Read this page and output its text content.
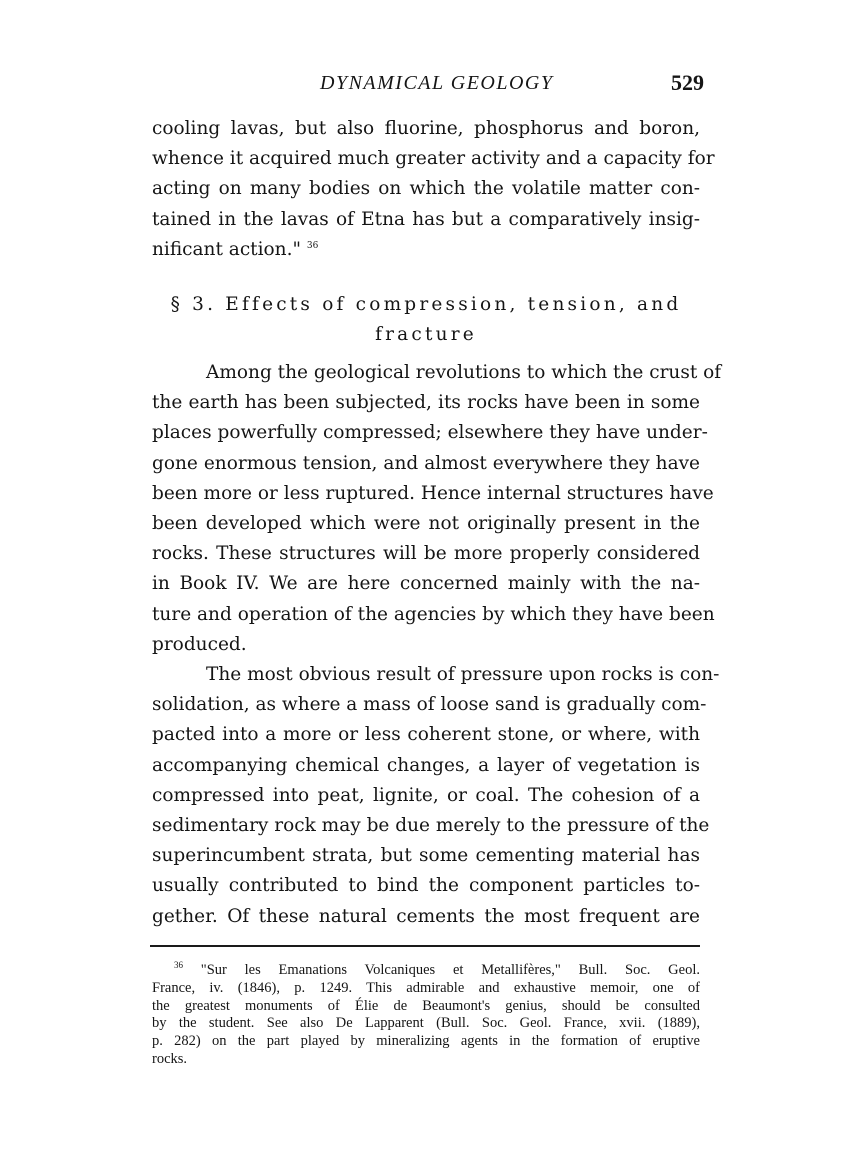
DYNAMICAL GEOLOGY	529
cooling lavas, but also fluorine, phosphorus and boron,
whence it acquired much greater activity and a capacity for
acting on many bodies on which the volatile matter con-
tained in the lavas of Etna has but a comparatively insig-
nificant action." $^{36}$
§ 3. Effects of compression, tension, and
fracture
Among the geological revolutions to which the crust of
the earth has been subjected, its rocks have been in some
places powerfully compressed; elsewhere they have under-
gone enormous tension, and almost everywhere they have
been more or less ruptured. Hence internal structures have
been developed which were not originally present in the
rocks. These structures will be more properly considered
in Book IV. We are here concerned mainly with the na-
ture and operation of the agencies by which they have been
produced.
The most obvious result of pressure upon rocks is con-
solidation, as where a mass of loose sand is gradually com-
pacted into a more or less coherent stone, or where, with
accompanying chemical changes, a layer of vegetation is
compressed into peat, lignite, or coal. The cohesion of a
sedimentary rock may be due merely to the pressure of the
superincumbent strata, but some cementing material has
usually contributed to bind the component particles to-
gether. Of these natural cements the most frequent are
$^{36}$ "Sur les Emanations Volcaniques et Metallifères," Bull. Soc. Geol.
France, iv. (1846), p. 1249. This admirable and exhaustive memoir, one of
the greatest monuments of Élie de Beaumont's genius, should be consulted
by the student. See also De Lapparent (Bull. Soc. Geol. France, xvii. (1889),
p. 282) on the part played by mineralizing agents in the formation of eruptive
rocks.
